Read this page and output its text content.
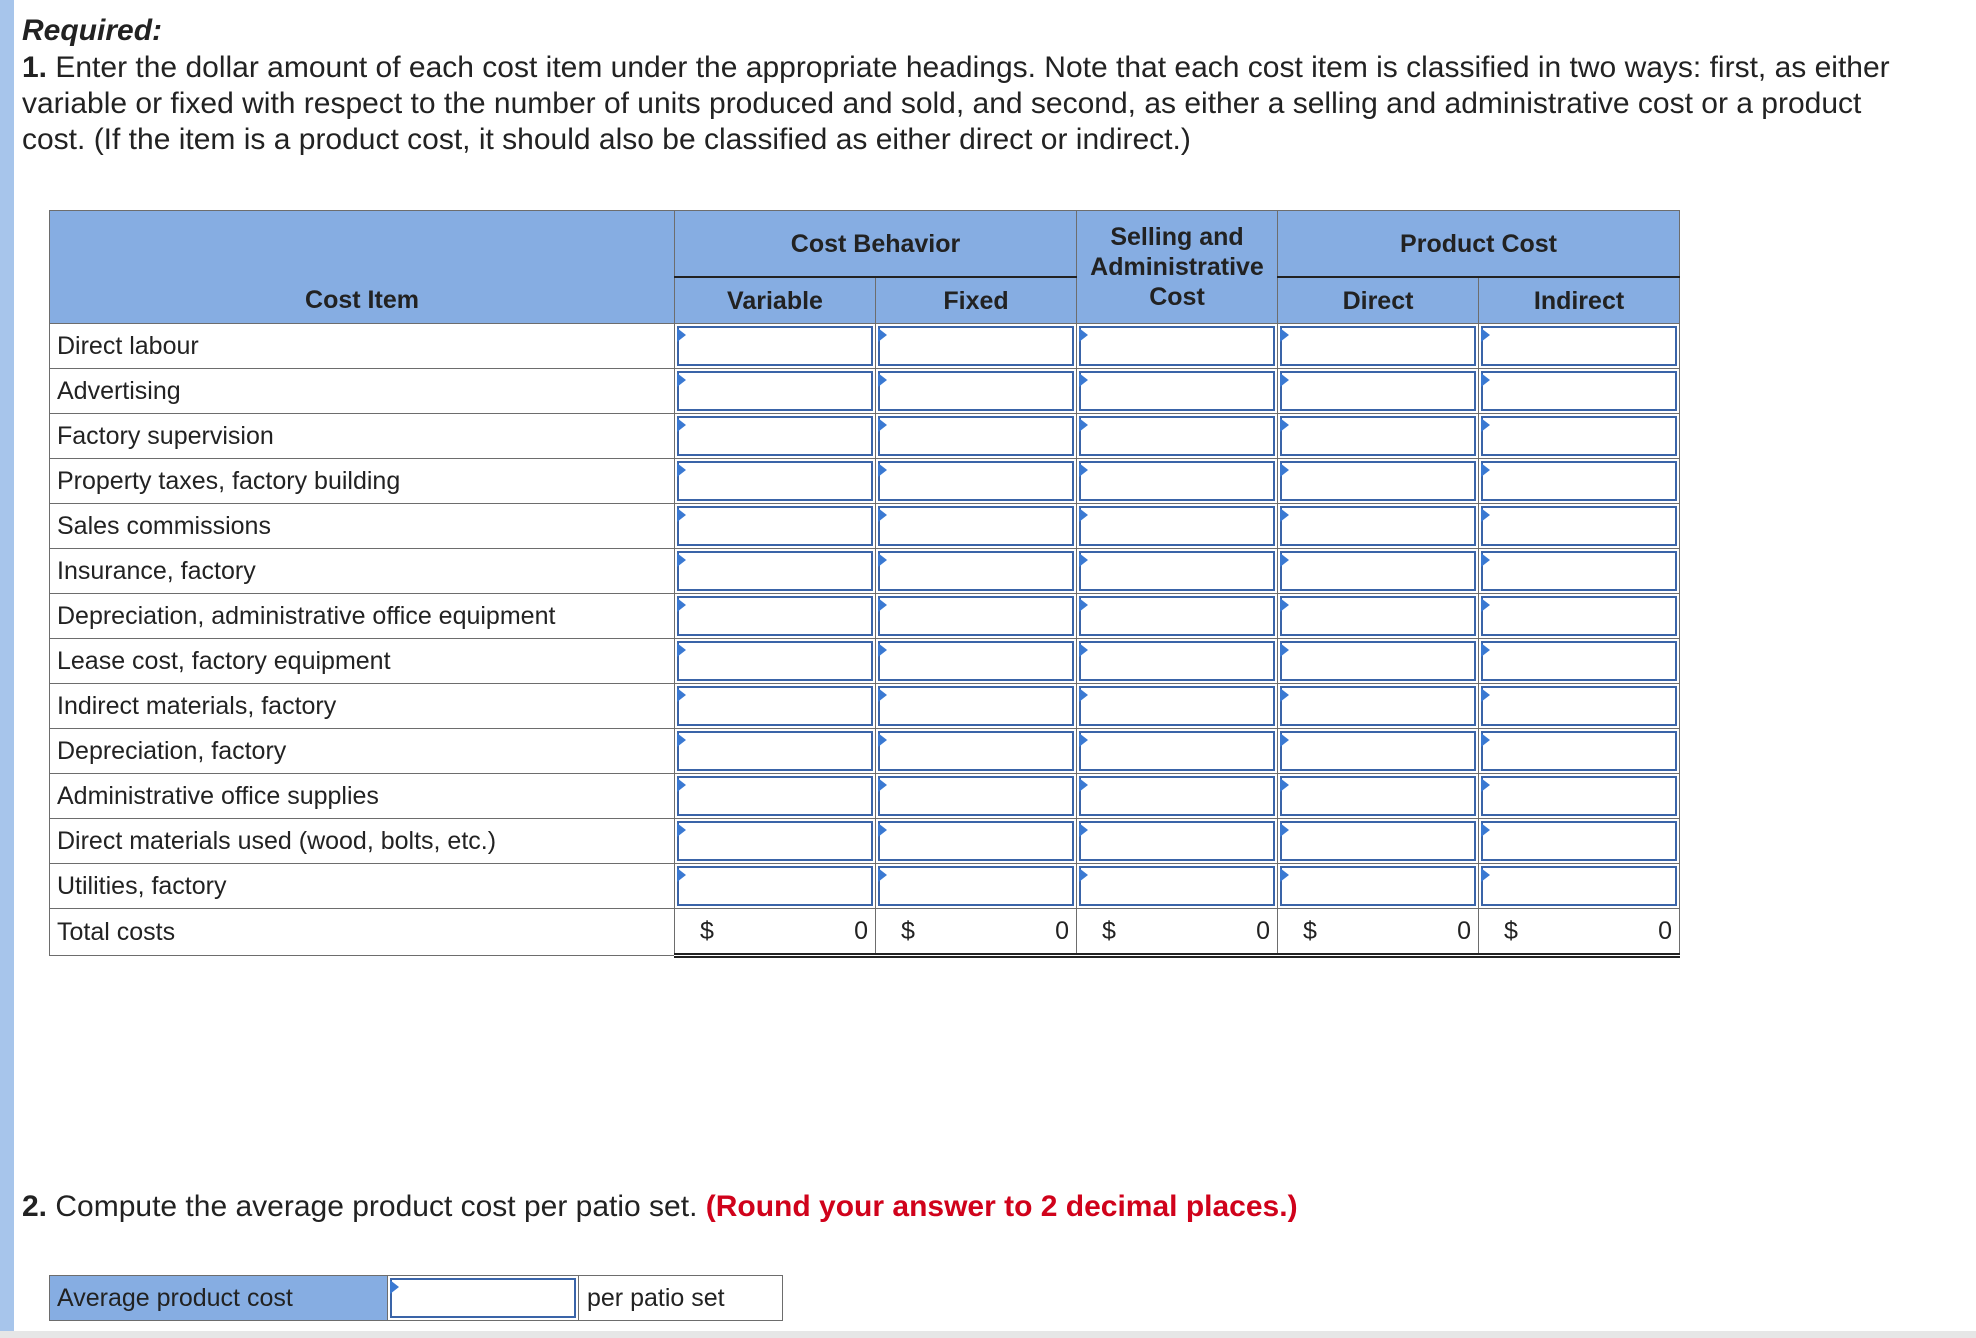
Required:
1. Enter the dollar amount of each cost item under the appropriate headings. Note that each cost item is classified in two ways: first, as either variable or fixed with respect to the number of units produced and sold, and second, as either a selling and administrative cost or a product cost. (If the item is a product cost, it should also be classified as either direct or indirect.)
	Cost Behavior		Selling and Administrative Cost	Product Cost	
Cost Item	Variable	Fixed		Direct	Indirect
Direct labour	

Advertising	

Factory supervision	

Property taxes, factory building	

Sales commissions	

Insurance, factory	

Depreciation, administrative office equipment	

Lease cost, factory equipment	

Indirect materials, factory	

Depreciation, factory	

Administrative office supplies	

Direct materials used (wood, bolts, etc.)	

Utilities, factory	

Total costs	$ 0	$ 0	$ 0	$ 0	$ 0
2. Compute the average product cost per patio set. (Round your answer to 2 decimal places.)
Average product cost		per patio set
